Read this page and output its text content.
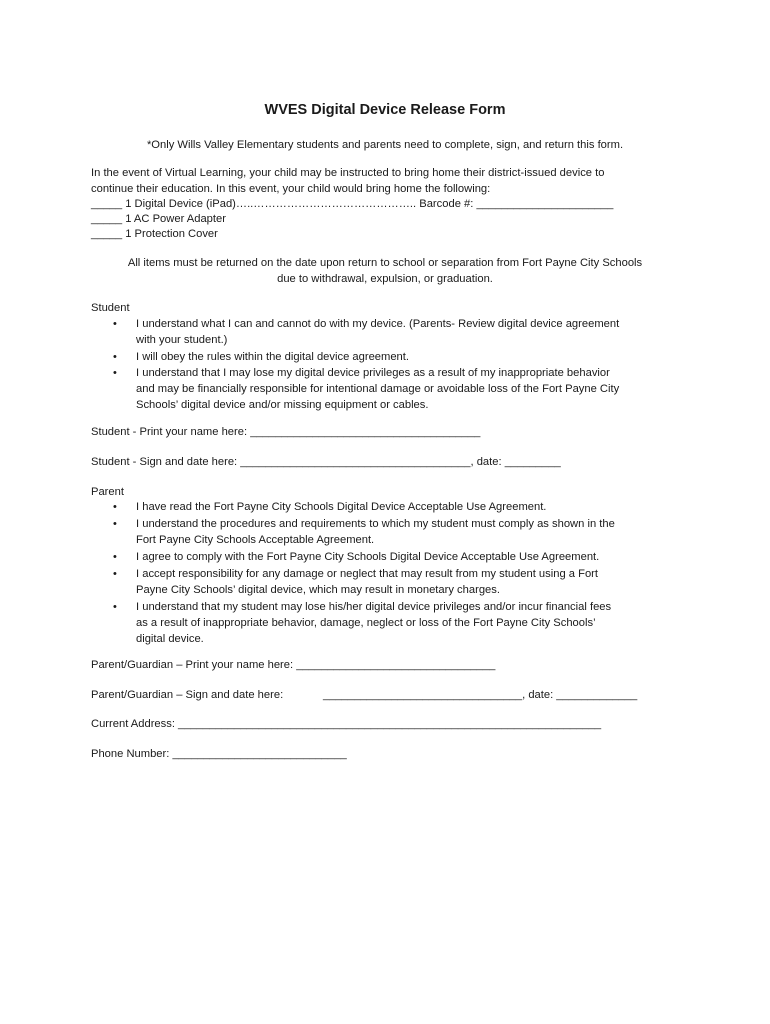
WVES Digital Device Release Form
*Only Wills Valley Elementary students and parents need to complete, sign, and return this form.
In the event of Virtual Learning, your child may be instructed to bring home their district-issued device to
continue their education. In this event, your child would bring home the following:
_____ 1 Digital Device (iPad)…..…………………………………….. Barcode #: ______________________
_____ 1 AC Power Adapter
_____ 1 Protection Cover
All items must be returned on the date upon return to school or separation from Fort Payne City Schools
due to withdrawal, expulsion, or graduation.
Student
• I understand what I can and cannot do with my device. (Parents- Review digital device agreement
with your student.)
• I will obey the rules within the digital device agreement.
• I understand that I may lose my digital device privileges as a result of my inappropriate behavior
and may be financially responsible for intentional damage or avoidable loss of the Fort Payne City
Schools’ digital device and/or missing equipment or cables.
Student - Print your name here: _____________________________________
Student - Sign and date here: _____________________________________, date: _________
Parent
• I have read the Fort Payne City Schools Digital Device Acceptable Use Agreement.
• I understand the procedures and requirements to which my student must comply as shown in the
Fort Payne City Schools Acceptable Agreement.
• I agree to comply with the Fort Payne City Schools Digital Device Acceptable Use Agreement.
• I accept responsibility for any damage or neglect that may result from my student using a Fort
Payne City Schools’ digital device, which may result in monetary charges.
• I understand that my student may lose his/her digital device privileges and/or incur financial fees
as a result of inappropriate behavior, damage, neglect or loss of the Fort Payne City Schools’
digital device.
Parent/Guardian – Print your name here: ________________________________
Parent/Guardian – Sign and date here:	________________________________, date: _____________
Current Address: ____________________________________________________________________
Phone Number: ____________________________
